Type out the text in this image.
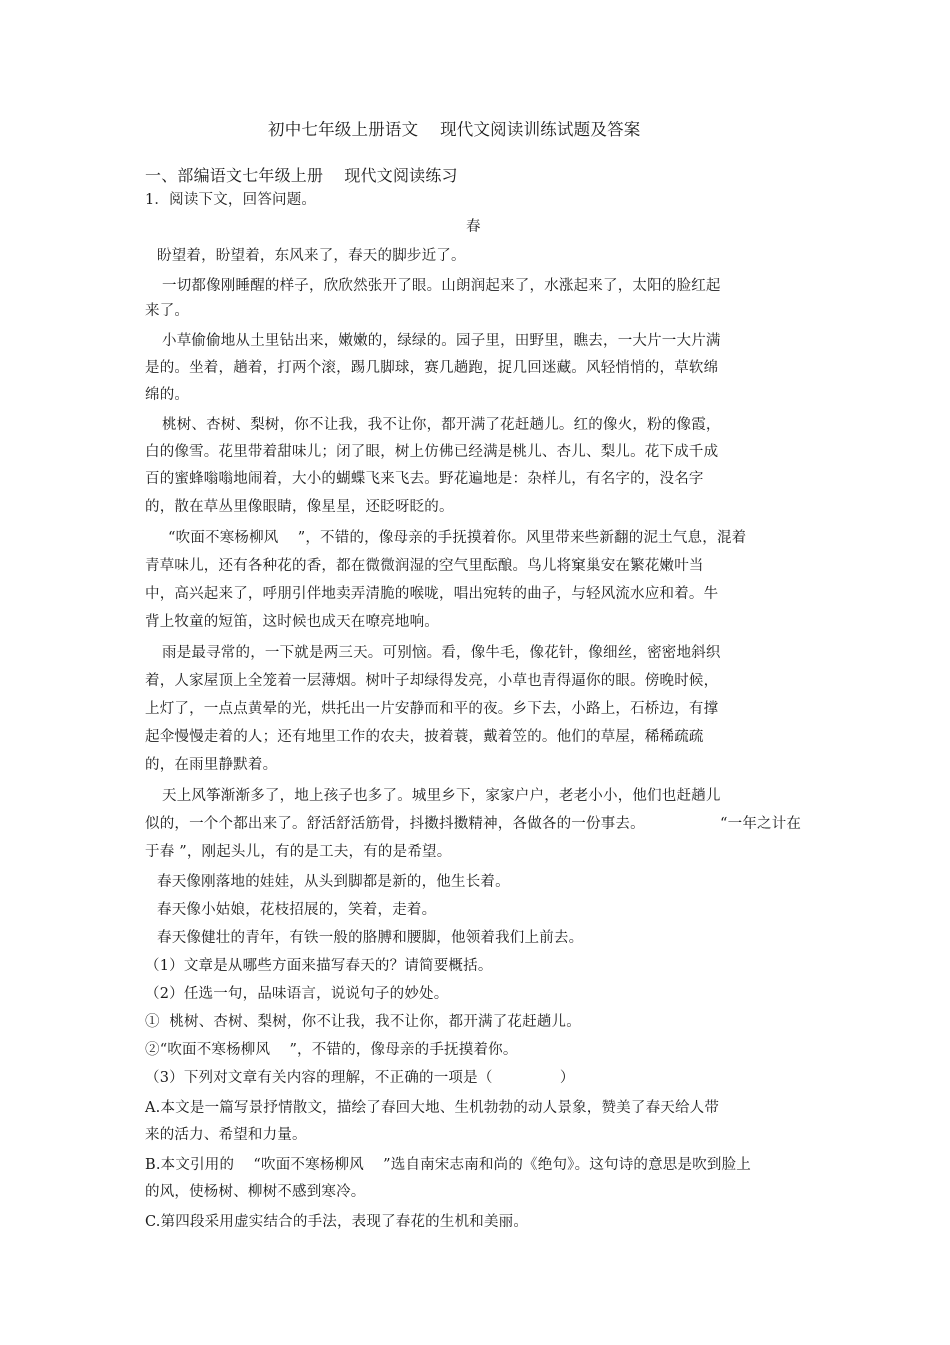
初中七年级上册语文    现代文阅读训练试题及答案
一、部编语文七年级上册    现代文阅读练习
1．阅读下文，回答问题。
春
盼望着，盼望着，东风来了，春天的脚步近了。
一切都像刚睡醒的样子，欣欣然张开了眼。山朗润起来了，水涨起来了，太阳的脸红起
来了。
小草偷偷地从土里钻出来，嫩嫩的，绿绿的。园子里，田野里，瞧去，一大片一大片满
是的。坐着，趟着，打两个滚，踢几脚球，赛几趟跑，捉几回迷藏。风轻悄悄的，草软绵
绵的。
桃树、杏树、梨树，你不让我，我不让你，都开满了花赶趟儿。红的像火，粉的像霞，
白的像雪。花里带着甜味儿；闭了眼，树上仿佛已经满是桃儿、杏儿、梨儿。花下成千成
百的蜜蜂嗡嗡地闹着，大小的蝴蝶飞来飞去。野花遍地是：杂样儿，有名字的，没名字
的，散在草丛里像眼睛，像星星，还眨呀眨的。
“吹面不寒杨柳风    ”，不错的，像母亲的手抚摸着你。风里带来些新翻的泥土气息，混着
青草味儿，还有各种花的香，都在微微润湿的空气里酝酿。鸟儿将窠巢安在繁花嫩叶当
中，高兴起来了，呼朋引伴地卖弄清脆的喉咙，唱出宛转的曲子，与轻风流水应和着。牛
背上牧童的短笛，这时候也成天在嘹亮地响。
雨是最寻常的，一下就是两三天。可别恼。看，像牛毛，像花针，像细丝，密密地斜织
着，人家屋顶上全笼着一层薄烟。树叶子却绿得发亮，小草也青得逼你的眼。傍晚时候，
上灯了，一点点黄晕的光，烘托出一片安静而和平的夜。乡下去，小路上，石桥边，有撑
起伞慢慢走着的人；还有地里工作的农夫，披着蓑，戴着笠的。他们的草屋，稀稀疏疏
的，在雨里静默着。
天上风筝渐渐多了，地上孩子也多了。城里乡下，家家户户，老老小小，他们也赶趟儿
似的，一个个都出来了。舒活舒活筋骨，抖擞抖擞精神，各做各的一份事去。	“一年之计在
于春 ”，刚起头儿，有的是工夫，有的是希望。
春天像刚落地的娃娃，从头到脚都是新的，他生长着。
春天像小姑娘，花枝招展的，笑着，走着。
春天像健壮的青年，有铁一般的胳膊和腰脚，他领着我们上前去。
（1）文章是从哪些方面来描写春天的？请简要概括。
（2）任选一句，品味语言，说说句子的妙处。
①  桃树、杏树、梨树，你不让我，我不让你，都开满了花赶趟儿。
②“吹面不寒杨柳风    ”，不错的，像母亲的手抚摸着你。
（3）下列对文章有关内容的理解，不正确的一项是（              ）
A.本文是一篇写景抒情散文，描绘了春回大地、生机勃勃的动人景象，赞美了春天给人带
来的活力、希望和力量。
B.本文引用的    “吹面不寒杨柳风    ”选自南宋志南和尚的《绝句》。这句诗的意思是吹到脸上
的风，使杨树、柳树不感到寒冷。
C.第四段采用虚实结合的手法，表现了春花的生机和美丽。
